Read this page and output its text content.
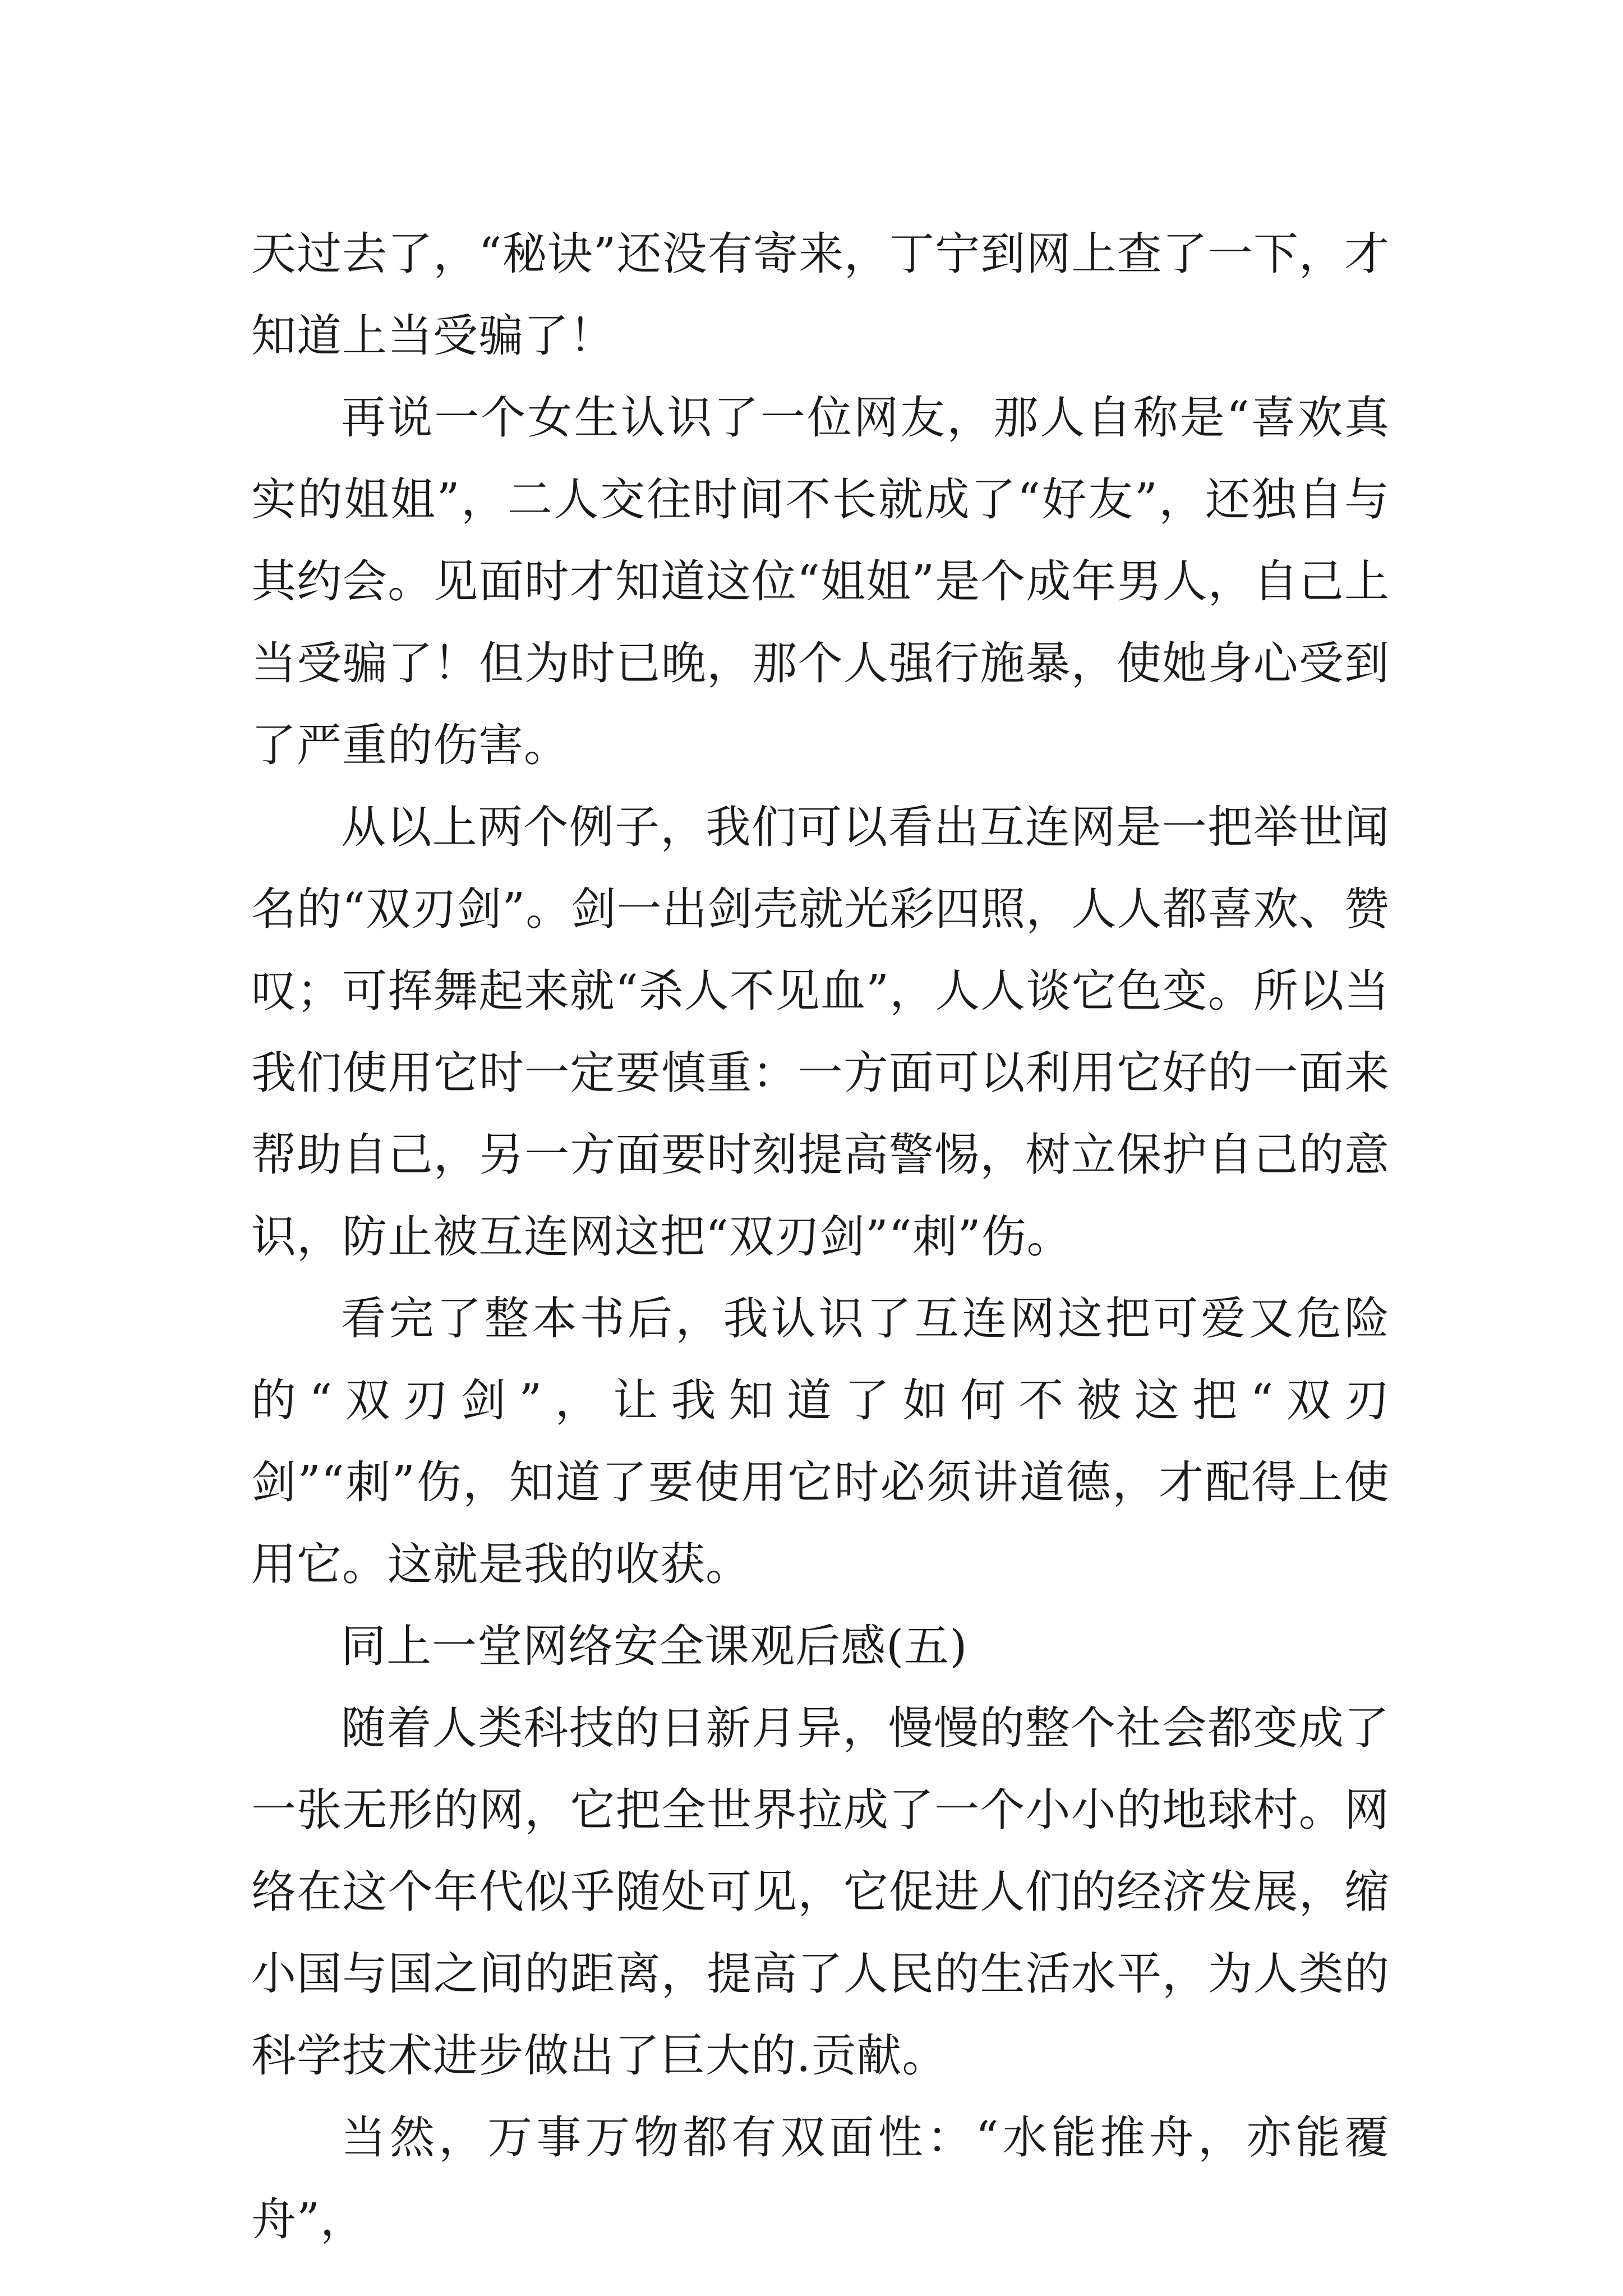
天过去了，“秘诀”还没有寄来，丁宁到网上查了一下，才知道上当受骗了！

再说一个女生认识了一位网友，那人自称是“喜欢真实的姐姐”，二人交往时间不长就成了“好友”，还独自与其约会。见面时才知道这位“姐姐”是个成年男人，自己上当受骗了！但为时已晚，那个人强行施暴，使她身心受到了严重的伤害。

从以上两个例子，我们可以看出互连网是一把举世闻名的“双刃剑”。剑一出剑壳就光彩四照，人人都喜欢、赞叹；可挥舞起来就“杀人不见血”，人人谈它色变。所以当我们使用它时一定要慎重：一方面可以利用它好的一面来帮助自己，另一方面要时刻提高警惕，树立保护自己的意识，防止被互连网这把“双刃剑”“刺”伤。

看完了整本书后，我认识了互连网这把可爱又危险的“双刃剑”，让我知道了如何不被这把“双刃剑”“刺”伤，知道了要使用它时必须讲道德，才配得上使用它。这就是我的收获。

同上一堂网络安全课观后感(五)

随着人类科技的日新月异，慢慢的整个社会都变成了一张无形的网，它把全世界拉成了一个小小的地球村。网络在这个年代似乎随处可见，它促进人们的经济发展，缩小国与国之间的距离，提高了人民的生活水平，为人类的科学技术进步做出了巨大的.贡献。

当然，万事万物都有双面性：“水能推舟，亦能覆舟”，
